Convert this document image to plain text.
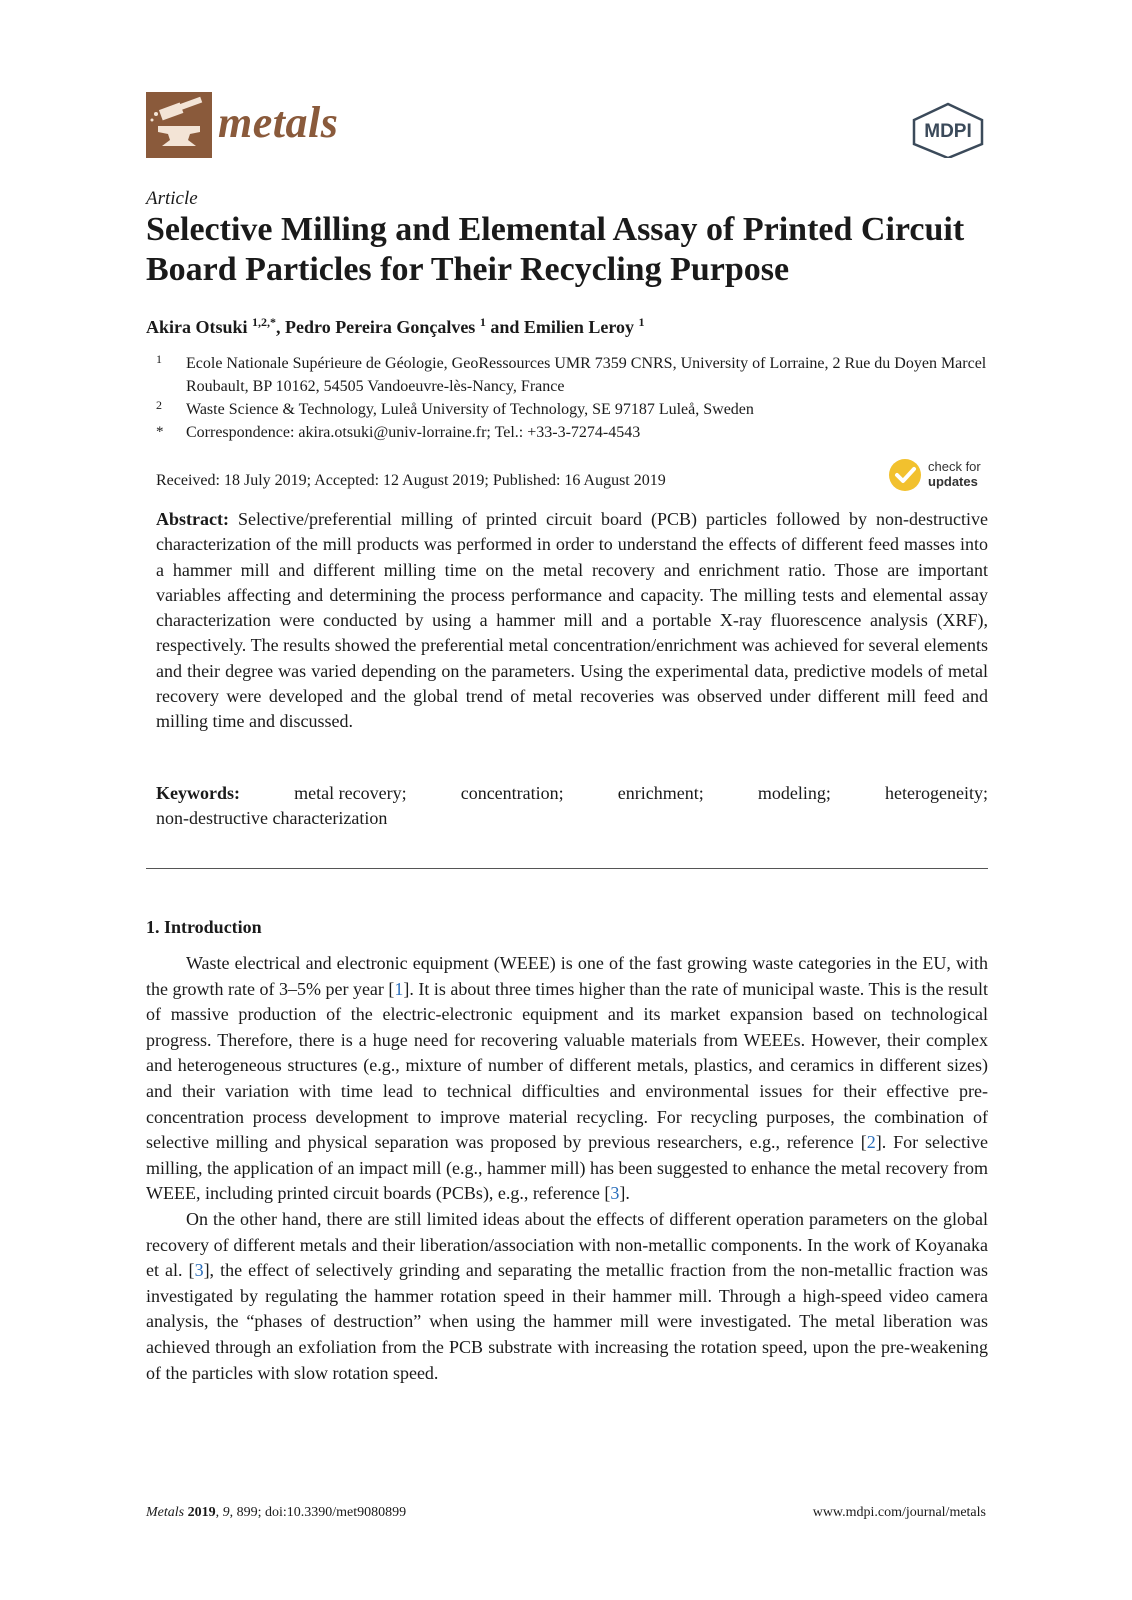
metals	MDPI
Article
Selective Milling and Elemental Assay of Printed Circuit Board Particles for Their Recycling Purpose
Akira Otsuki $^{1,2,*}$, Pedro Pereira Gonçalves $^1$ and Emilien Leroy $^1$
1 Ecole Nationale Supérieure de Géologie, GeoRessources UMR 7359 CNRS, University of Lorraine, 2 Rue du Doyen Marcel Roubault, BP 10162, 54505 Vandoeuvre-lès-Nancy, France
2 Waste Science & Technology, Luleå University of Technology, SE 97187 Luleå, Sweden
* Correspondence: akira.otsuki@univ-lorraine.fr; Tel.: +33-3-7274-4543
Received: 18 July 2019; Accepted: 12 August 2019; Published: 16 August 2019
check for
updates
Abstract: Selective/preferential milling of printed circuit board (PCB) particles followed by non-destructive characterization of the mill products was performed in order to understand the effects of different feed masses into a hammer mill and different milling time on the metal recovery and enrichment ratio. Those are important variables affecting and determining the process performance and capacity. The milling tests and elemental assay characterization were conducted by using a hammer mill and a portable X-ray fluorescence analysis (XRF), respectively. The results showed the preferential metal concentration/enrichment was achieved for several elements and their degree was varied depending on the parameters. Using the experimental data, predictive models of metal recovery were developed and the global trend of metal recoveries was observed under different mill feed and milling time and discussed.
Keywords:	metal recovery;	concentration;	enrichment;	modeling;	heterogeneity;
non-destructive characterization
1. Introduction

Waste electrical and electronic equipment (WEEE) is one of the fast growing waste categories in the EU, with the growth rate of 3–5% per year [1]. It is about three times higher than the rate of municipal waste. This is the result of massive production of the electric-electronic equipment and its market expansion based on technological progress. Therefore, there is a huge need for recovering valuable materials from WEEEs. However, their complex and heterogeneous structures (e.g., mixture of number of different metals, plastics, and ceramics in different sizes) and their variation with time lead to technical difficulties and environmental issues for their effective pre-concentration process development to improve material recycling. For recycling purposes, the combination of selective milling and physical separation was proposed by previous researchers, e.g., reference [2]. For selective milling, the application of an impact mill (e.g., hammer mill) has been suggested to enhance the metal recovery from WEEE, including printed circuit boards (PCBs), e.g., reference [3].

On the other hand, there are still limited ideas about the effects of different operation parameters on the global recovery of different metals and their liberation/association with non-metallic components. In the work of Koyanaka et al. [3], the effect of selectively grinding and separating the metallic fraction from the non-metallic fraction was investigated by regulating the hammer rotation speed in their hammer mill. Through a high-speed video camera analysis, the “phases of destruction” when using the hammer mill were investigated. The metal liberation was achieved through an exfoliation from the PCB substrate with increasing the rotation speed, upon the pre-weakening of the particles with slow rotation speed.

Metals 2019, 9, 899; doi:10.3390/met9080899	www.mdpi.com/journal/metals
